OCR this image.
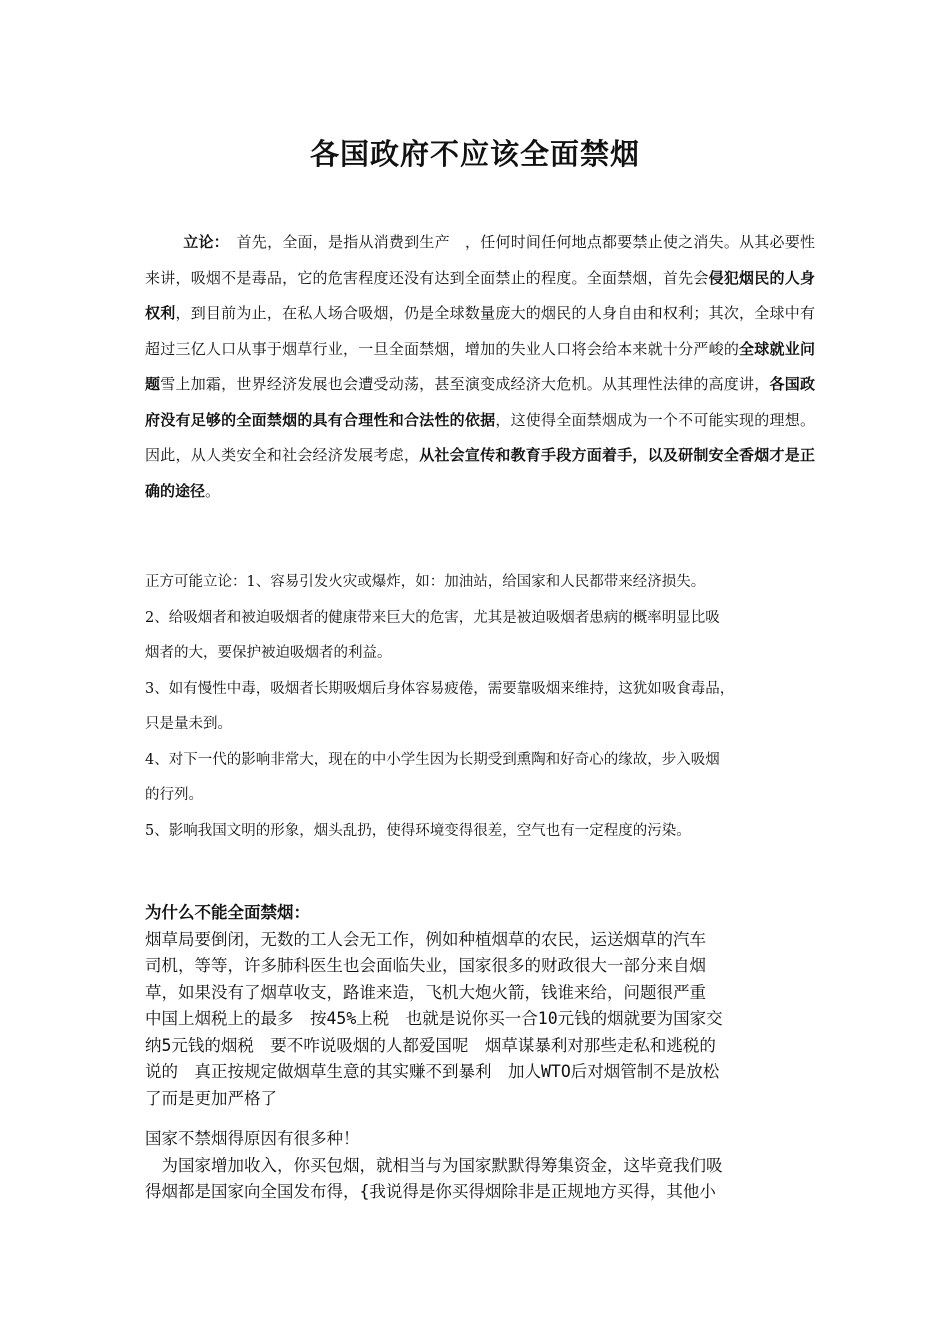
各国政府不应该全面禁烟
立论：　 首先，全面，是指从消费到生产　，任何时间任何地点都要禁止使之消失。从其必要性来讲，吸烟不是毒品，它的危害程度还没有达到全面禁止的程度。全面禁烟，首先会侵犯烟民的人身权利，到目前为止，在私人场合吸烟，仍是全球数量庞大的烟民的人身自由和权利；其次，全球中有超过三亿人口从事于烟草行业，一旦全面禁烟，增加的失业人口将会给本来就十分严峻的全球就业问题雪上加霜，世界经济发展也会遭受动荡，甚至演变成经济大危机。从其理性法律的高度讲，各国政府没有足够的全面禁烟的具有合理性和合法性的依据，这使得全面禁烟成为一个不可能实现的理想。因此，从人类安全和社会经济发展考虑，从社会宣传和教育手段方面着手，以及研制安全香烟才是正确的途径。
正方可能立论：1、容易引发火灾或爆炸，如：加油站，给国家和人民都带来经济损失。
2、给吸烟者和被迫吸烟者的健康带来巨大的危害，尤其是被迫吸烟者患病的概率明显比吸
烟者的大，要保护被迫吸烟者的利益。
3、如有慢性中毒，吸烟者长期吸烟后身体容易疲倦，需要靠吸烟来维持，这犹如吸食毒品，
只是量未到。
4、对下一代的影响非常大，现在的中小学生因为长期受到熏陶和好奇心的缘故，步入吸烟
的行列。
5、影响我国文明的形象，烟头乱扔，使得环境变得很差，空气也有一定程度的污染。
为什么不能全面禁烟：
烟草局要倒闭，无数的工人会无工作，例如种植烟草的农民，运送烟草的汽车
司机，等等，许多肺科医生也会面临失业，国家很多的财政很大一部分来自烟
草，如果没有了烟草收支，路谁来造，飞机大炮火箭，钱谁来给，问题很严重
中国上烟税上的最多　按45%上税　也就是说你买一合10元钱的烟就要为国家交
纳5元钱的烟税　要不咋说吸烟的人都爱国呢　烟草谋暴利对那些走私和逃税的
说的　真正按规定做烟草生意的其实赚不到暴利　加人WTO后对烟管制不是放松
了而是更加严格了
国家不禁烟得原因有很多种！
　为国家增加收入，你买包烟，就相当与为国家默默得筹集资金，这毕竟我们吸
得烟都是国家向全国发布得，{我说得是你买得烟除非是正规地方买得，其他小
